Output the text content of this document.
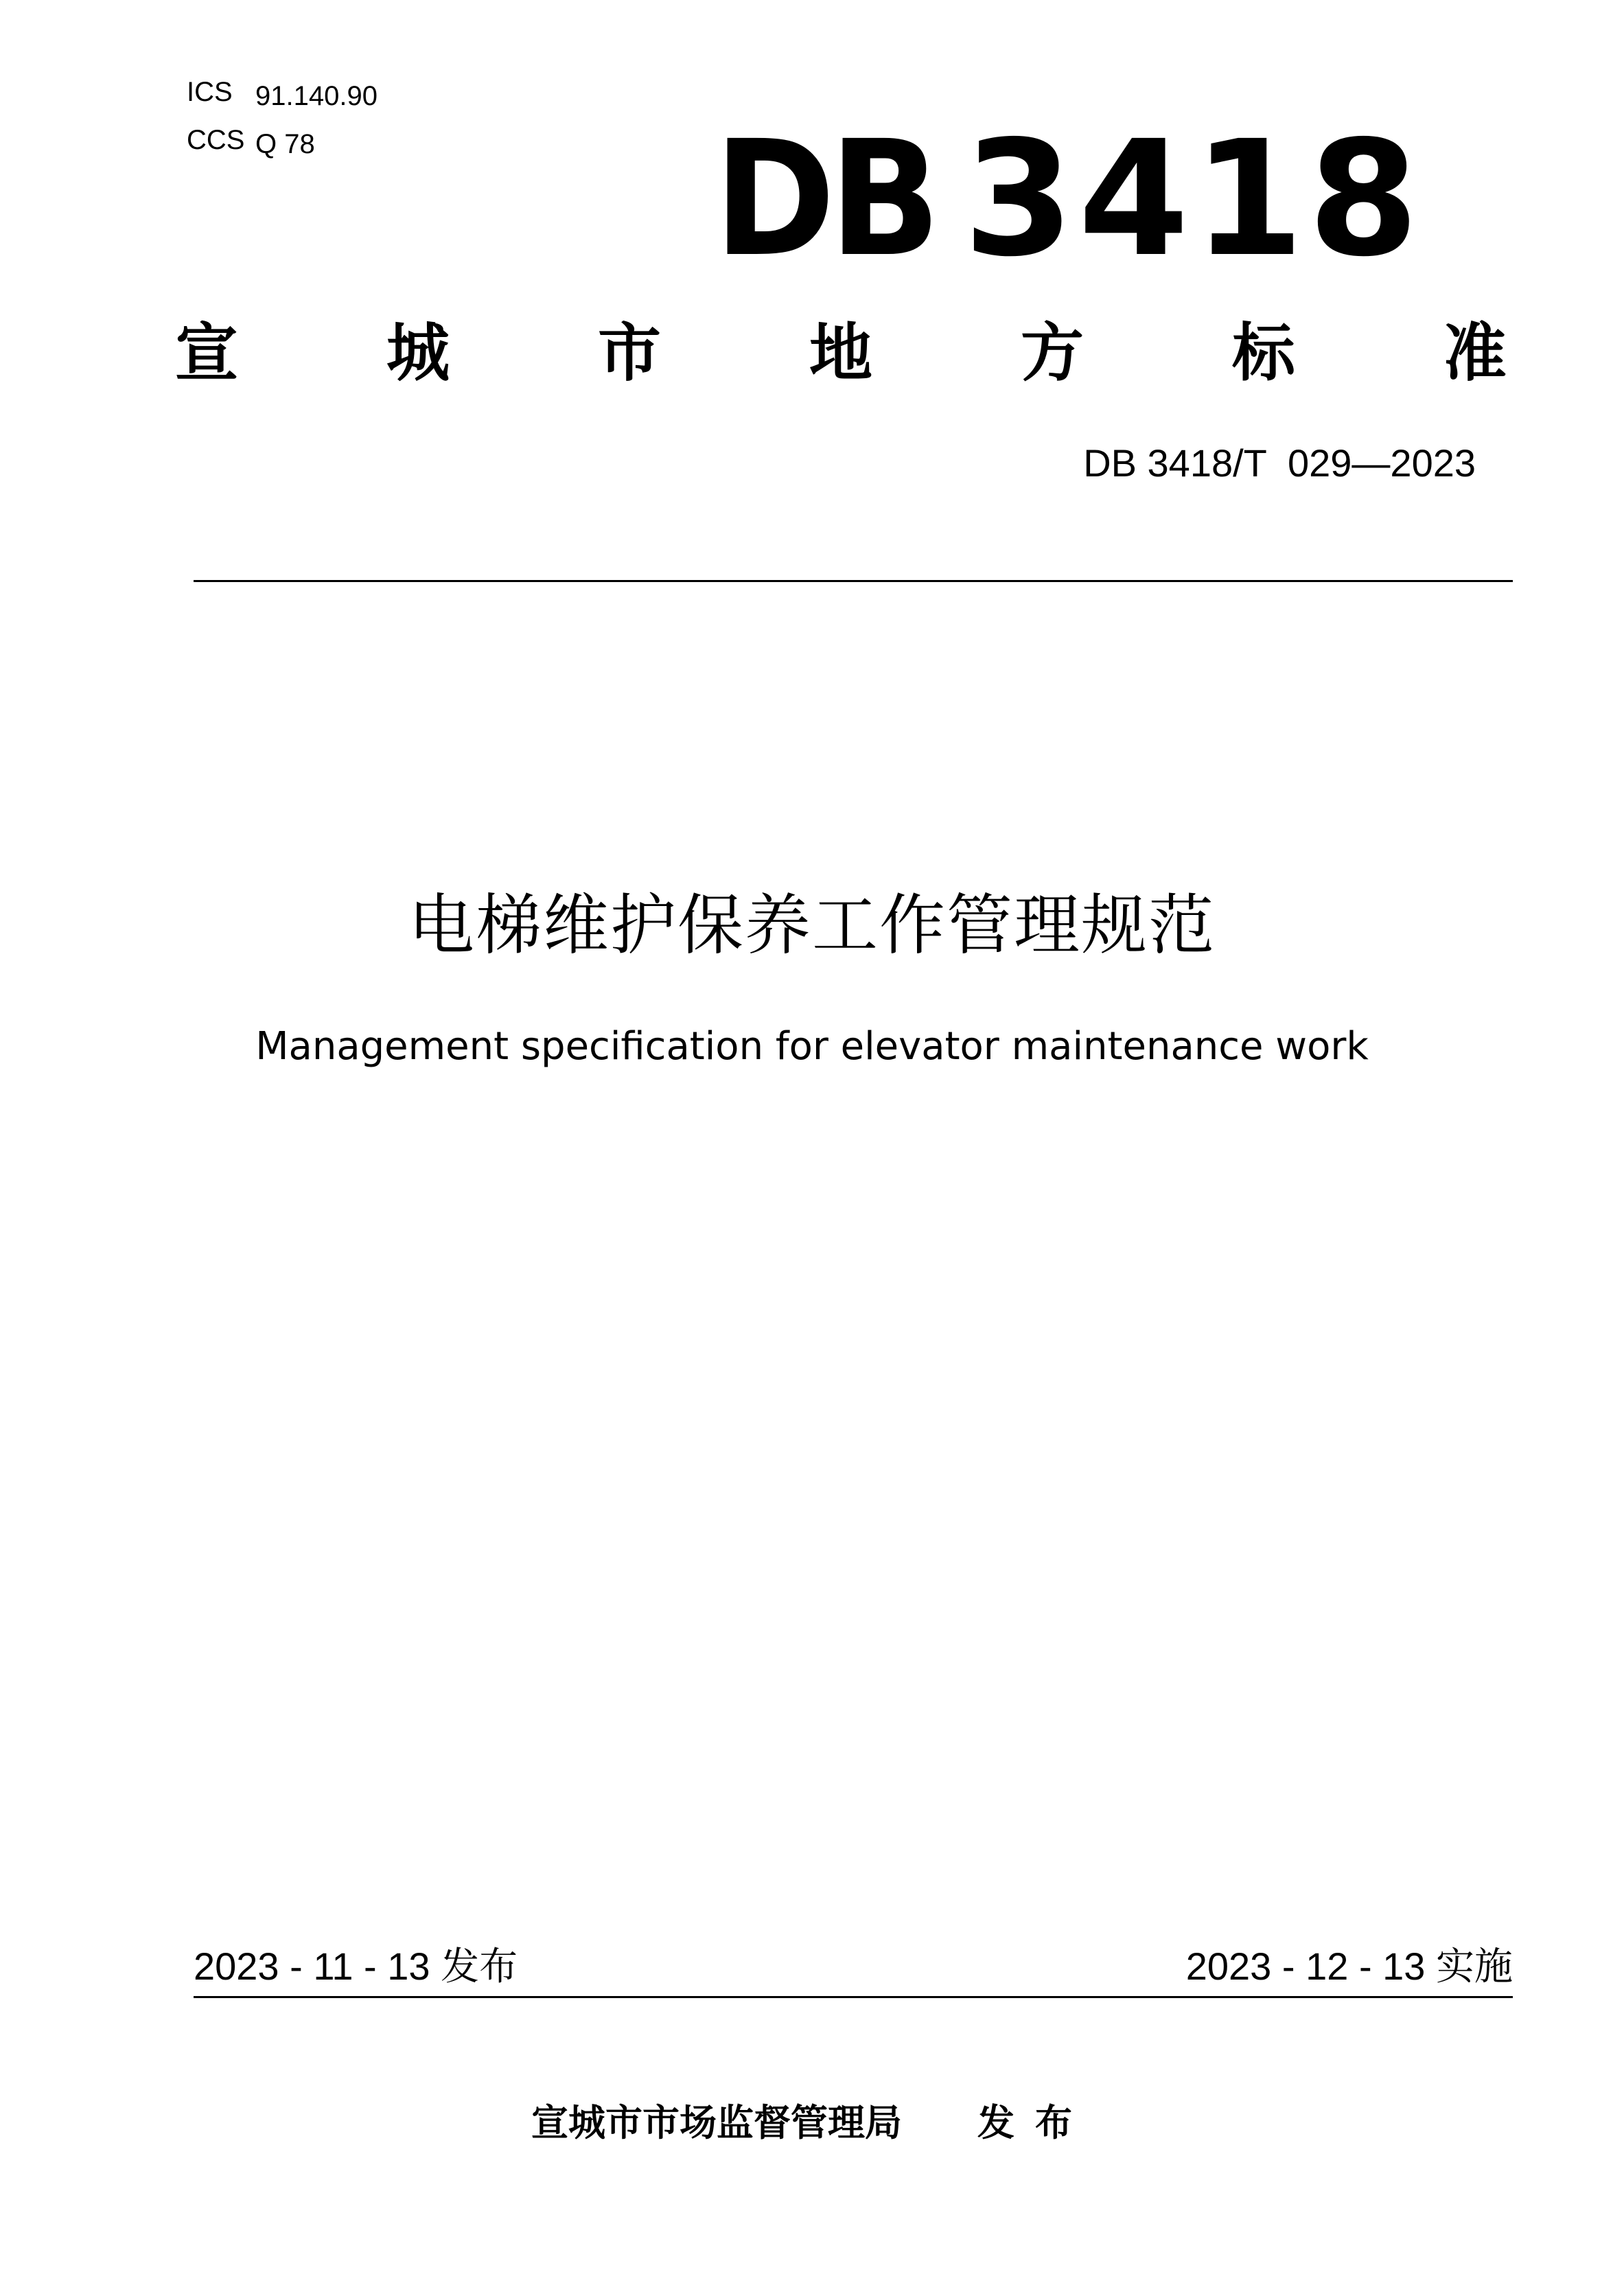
ICS 91.140.90
CCS Q 78	DB 3418
宣 城 市 地 方 标 准
DB 3418/T  029—2023
电梯维护保养工作管理规范
Management specification for elevator maintenance work
2023 - 11 - 13 发布	2023 - 12 - 13 实施
宣城市市场监督管理局 发布
